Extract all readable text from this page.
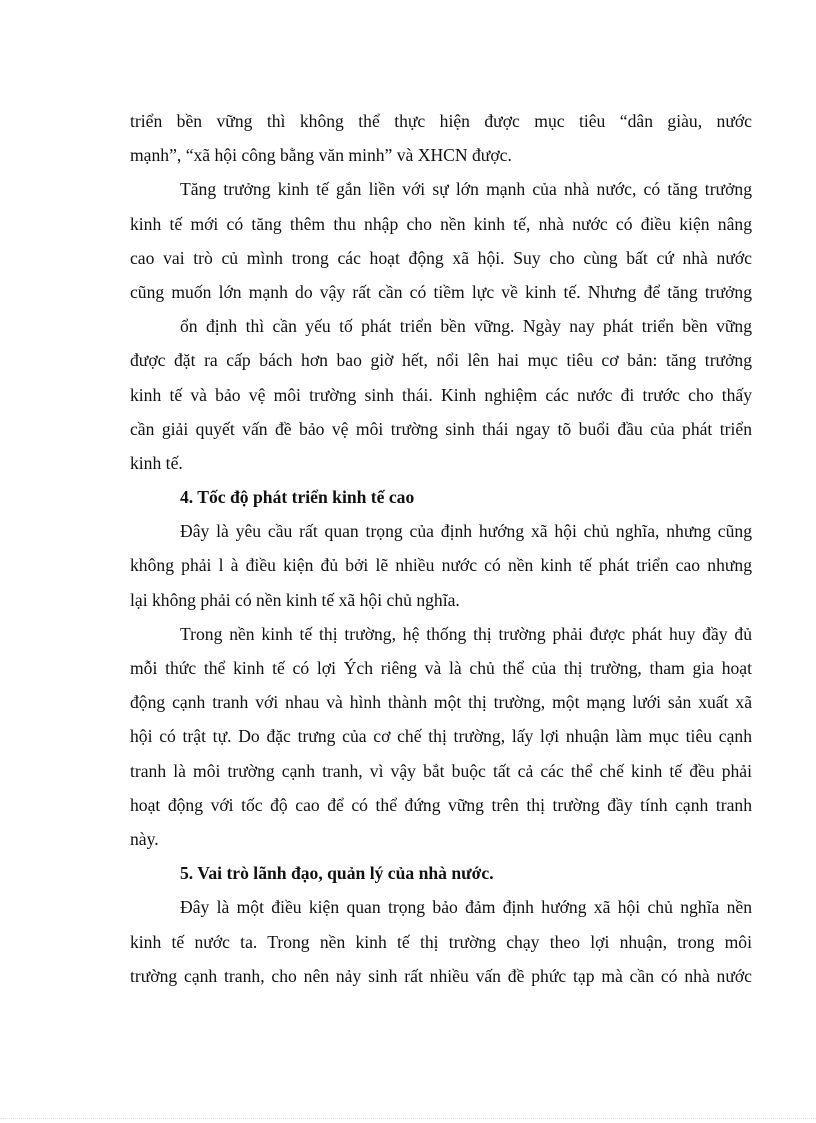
triển bền vững thì không thể thực hiện được mục tiêu “dân giàu, nước
mạnh”, “xã hội công bằng văn minh” và XHCN được.
Tăng trưởng kinh tế gắn liền với sự lớn mạnh của nhà nước, có tăng trưởng
kinh tế mới có tăng thêm thu nhập cho nền kinh tế, nhà nước có điều kiện nâng
cao vai trò củ mình trong các hoạt động xã hội. Suy cho cùng bất cứ nhà nước
cũng muốn lớn mạnh do vậy rất cần có tiềm lực về kinh tế. Nhưng để tăng trưởng
ổn định thì cần yếu tố phát triển bền vững. Ngày nay phát triển bền vững
được đặt ra cấp bách hơn bao giờ hết, nổi lên hai mục tiêu cơ bản: tăng trưởng
kinh tế và bảo vệ môi trường sinh thái. Kinh nghiệm các nước đi trước cho thấy
cần giải quyết vấn đề bảo vệ môi trường sinh thái ngay tõ buổi đầu của phát triển
kinh tế.
4. Tốc độ phát triển kinh tế cao
Đây là yêu cầu rất quan trọng của định hướng xã hội chủ nghĩa, nhưng cũng
không phải l à điều kiện đủ bởi lẽ nhiều nước có nền kinh tế phát triển cao nhưng
lại không phải có nền kinh tế xã hội chủ nghĩa.
Trong nền kinh tế thị trường, hệ thống thị trường phải được phát huy đầy đủ
mỗi thức thể kinh tế có lợi Ých riêng và là chủ thể của thị trường, tham gia hoạt
động cạnh tranh với nhau và hình thành một thị trường, một mạng lưới sản xuất xã
hội có trật tự. Do đặc trưng của cơ chế thị trường, lấy lợi nhuận làm mục tiêu cạnh
tranh là môi trường cạnh tranh, vì vậy bắt buộc tất cả các thể chế kinh tế đều phải
hoạt động với tốc độ cao để có thể đứng vững trên thị trường đầy tính cạnh tranh
này.
5. Vai trò lãnh đạo, quản lý của nhà nước.
Đây là một điều kiện quan trọng bảo đảm định hướng xã hội chủ nghĩa nền
kinh tế nước ta. Trong nền kinh tế thị trường chạy theo lợi nhuận, trong môi
trường cạnh tranh, cho nên nảy sinh rất nhiều vấn đề phức tạp mà cần có nhà nước
